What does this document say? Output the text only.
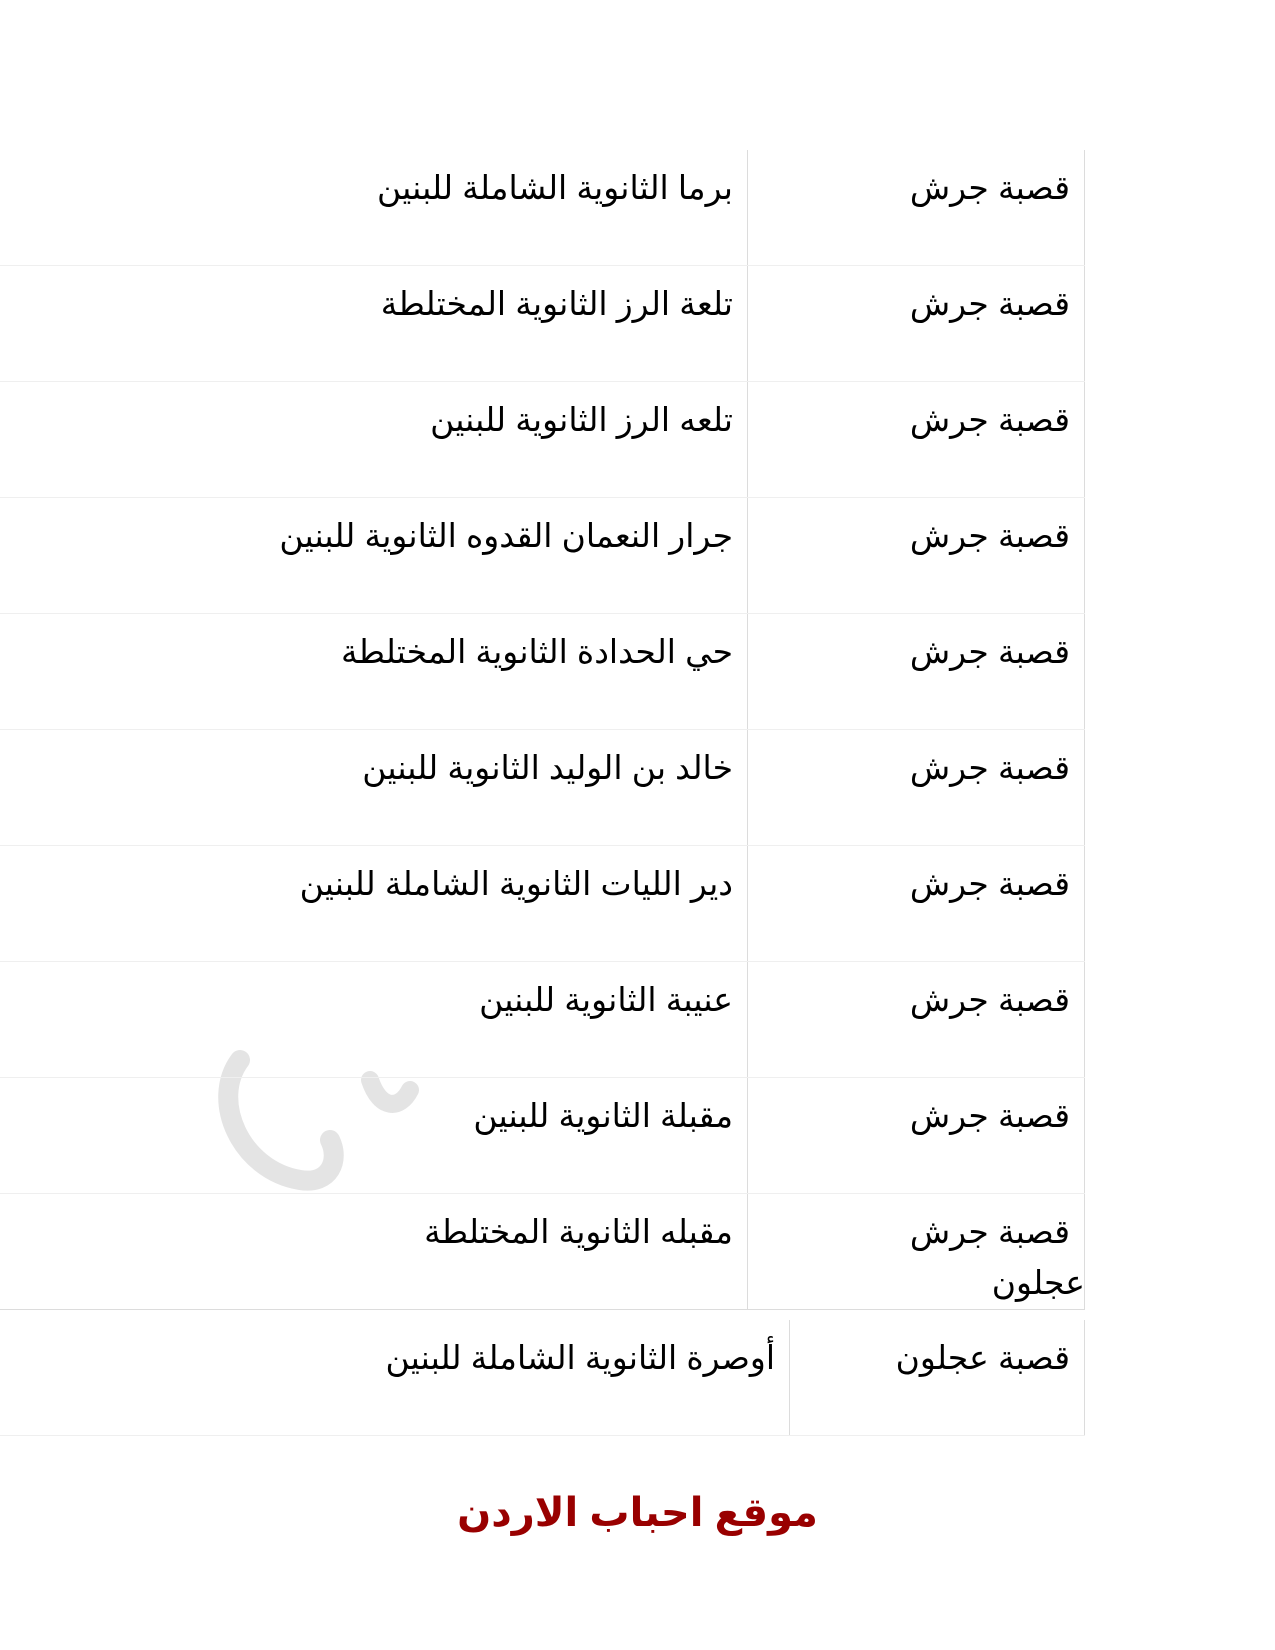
قصبة جرش	برما الثانوية الشاملة للبنين
قصبة جرش	تلعة الرز الثانوية المختلطة
قصبة جرش	تلعه الرز الثانوية للبنين
قصبة جرش	جرار النعمان القدوه الثانوية للبنين
قصبة جرش	حي الحدادة الثانوية المختلطة
قصبة جرش	خالد بن الوليد الثانوية للبنين
قصبة جرش	دير الليات الثانوية الشاملة للبنين
قصبة جرش	عنيبة الثانوية للبنين
قصبة جرش	مقبلة الثانوية للبنين
قصبة جرش	مقبله الثانوية المختلطة
عجلون
قصبة عجلون	أوصرة الثانوية الشاملة للبنين
موقع احباب الاردن
